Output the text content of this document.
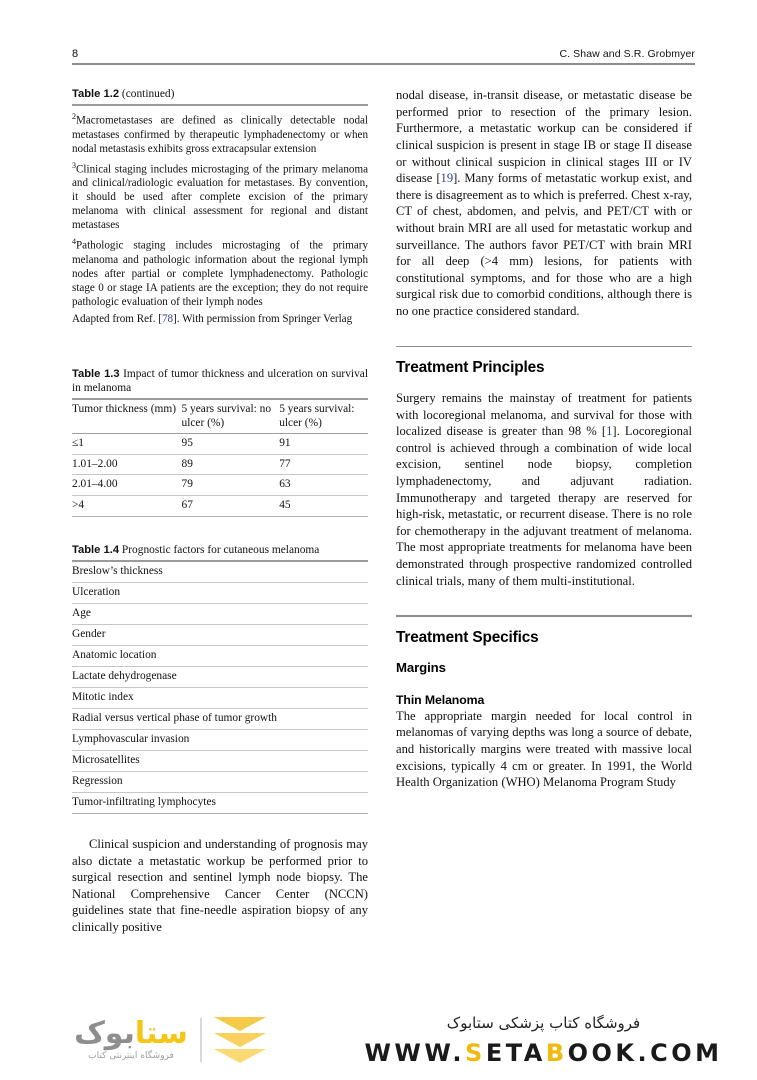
8	C. Shaw and S.R. Grobmyer
Table 1.2 (continued)

$^2$Macrometastases are defined as clinically detectable nodal metastases confirmed by therapeutic lymphadenectomy or when nodal metastasis exhibits gross extracapsular extension

$^3$Clinical staging includes microstaging of the primary melanoma and clinical/radiologic evaluation for metastases. By convention, it should be used after complete excision of the primary melanoma with clinical assessment for regional and distant metastases

$^4$Pathologic staging includes microstaging of the primary melanoma and pathologic information about the regional lymph nodes after partial or complete lymphadenectomy. Pathologic stage 0 or stage IA patients are the exception; they do not require pathologic evaluation of their lymph nodes

Adapted from Ref. [78]. With permission from Springer Verlag

Table 1.3 Impact of tumor thickness and ulceration on survival in melanoma
Tumor thickness (mm)	5 years survival: no ulcer (%)	5 years survival: ulcer (%)
≤1	95	91
1.01–2.00	89	77
2.01–4.00	79	63
>4	67	45
Table 1.4 Prognostic factors for cutaneous melanoma
Breslow’s thickness
Ulceration
Age
Gender
Anatomic location
Lactate dehydrogenase
Mitotic index
Radial versus vertical phase of tumor growth
Lymphovascular invasion
Microsatellites
Regression
Tumor-infiltrating lymphocytes

Clinical suspicion and understanding of prognosis may also dictate a metastatic workup be performed prior to surgical resection and sentinel lymph node biopsy. The National Comprehensive Cancer Center (NCCN) guidelines state that fine-needle aspiration biopsy of any clinically positive

nodal disease, in-transit disease, or metastatic disease be performed prior to resection of the primary lesion. Furthermore, a metastatic workup can be considered if clinical suspicion is present in stage IB or stage II disease or without clinical suspicion in clinical stages III or IV disease [19]. Many forms of metastatic workup exist, and there is disagreement as to which is preferred. Chest x-ray, CT of chest, abdomen, and pelvis, and PET/CT with or without brain MRI are all used for metastatic workup and surveillance. The authors favor PET/CT with brain MRI for all deep (>4 mm) lesions, for patients with constitutional symptoms, and for those who are a high surgical risk due to comorbid conditions, although there is no one practice considered standard.

Treatment Principles

Surgery remains the mainstay of treatment for patients with locoregional melanoma, and survival for those with localized disease is greater than 98 % [1]. Locoregional control is achieved through a combination of wide local excision, sentinel node biopsy, completion lymphadenectomy, and adjuvant radiation. Immunotherapy and targeted therapy are reserved for high-risk, metastatic, or recurrent disease. There is no role for chemotherapy in the adjuvant treatment of melanoma. The most appropriate treatments for melanoma have been demonstrated through prospective randomized controlled clinical trials, many of them multi-institutional.

Treatment Specifics
Margins
Thin Melanoma

The appropriate margin needed for local control in melanomas of varying depths was long a source of debate, and historically margins were treated with massive local excisions, typically 4 cm or greater. In 1991, the World Health Organization (WHO) Melanoma Program Study

ستابوک
فروشگاه اینترنتی کتاب
فروشگاه کتاب پزشکی ستابوک
WWW.SETABOOK.COM
